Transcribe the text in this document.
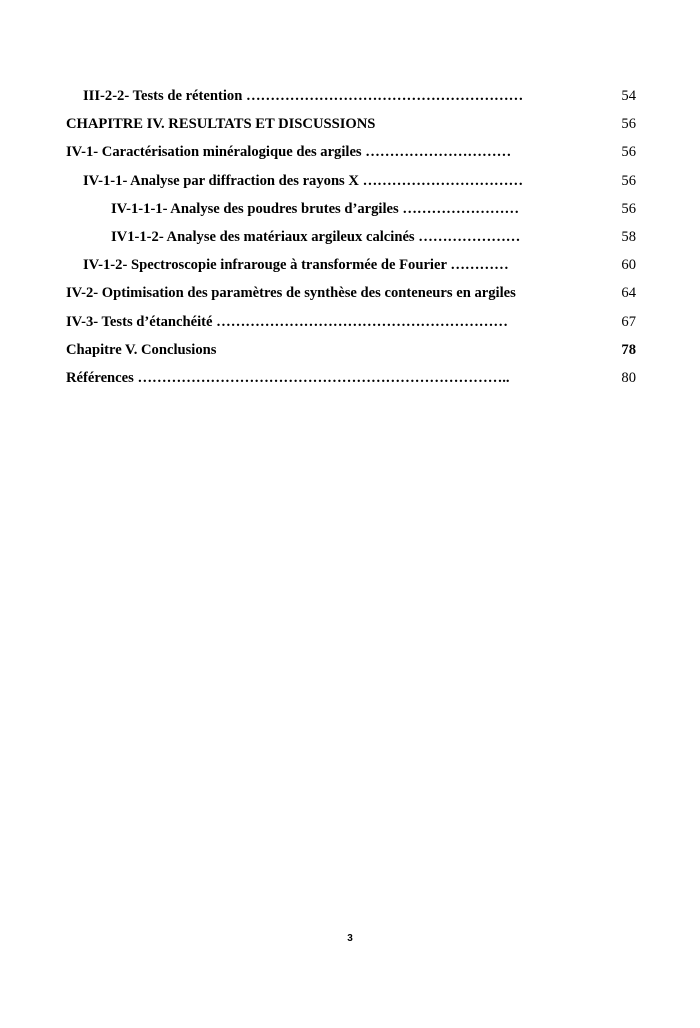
III-2-2- Tests de rétention …………………………………………………	54
CHAPITRE IV. RESULTATS ET DISCUSSIONS	56
IV-1- Caractérisation minéralogique des argiles …………………………	56
IV-1-1- Analyse par diffraction des rayons X ……………………………	56
IV-1-1-1- Analyse des poudres brutes d’argiles ……………………	56
IV1-1-2- Analyse des matériaux argileux calcinés …………………	58
IV-1-2- Spectroscopie infrarouge à transformée de Fourier …………	60
IV-2- Optimisation des paramètres de synthèse des conteneurs en argiles	64
IV-3- Tests d’étanchéité ……………………………………………………	67
Chapitre V. Conclusions	78
Références …………………………………………………………………..	80
3
